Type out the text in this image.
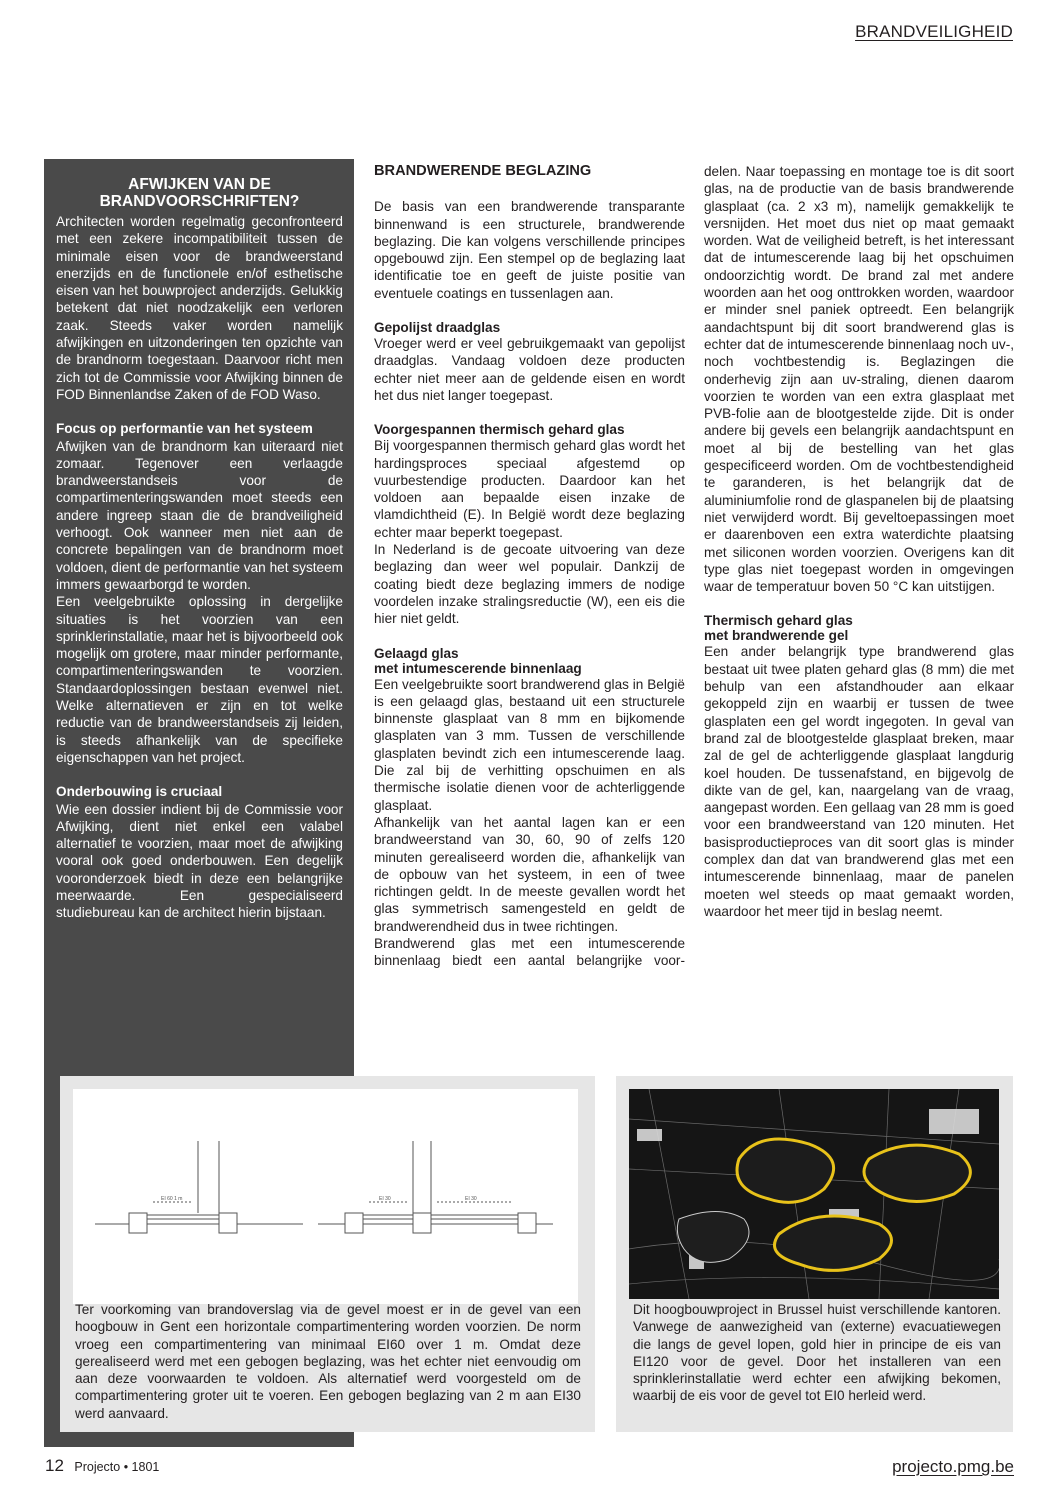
BRANDVEILIGHEID
AFWIJKEN VAN DE
BRANDVOORSCHRIFTEN?

Architecten worden regelmatig geconfronteerd met een zekere incompatibiliteit tussen de minimale eisen voor de brandweerstand enerzijds en de functionele en/of esthetische eisen van het bouwproject anderzijds. Gelukkig betekent dat niet noodzakelijk een verloren zaak. Steeds vaker worden namelijk afwijkingen en uitzonderingen ten opzichte van de brandnorm toegestaan. Daarvoor richt men zich tot de Commissie voor Afwijking binnen de FOD Binnenlandse Zaken of de FOD Waso.

Focus op performantie van het systeem

Afwijken van de brandnorm kan uiteraard niet zomaar. Tegenover een verlaagde brandweerstandseis voor de compartimenteringswanden moet steeds een andere ingreep staan die de brandveiligheid verhoogt. Ook wanneer men niet aan de concrete bepalingen van de brandnorm moet voldoen, dient de performantie van het systeem immers gewaarborgd te worden.

Een veelgebruikte oplossing in dergelijke situaties is het voorzien van een sprinklerinstallatie, maar het is bijvoorbeeld ook mogelijk om grotere, maar minder performante, compartimenteringswanden te voorzien. Standaardoplossingen bestaan evenwel niet. Welke alternatieven er zijn en tot welke reductie van de brandweerstandseis zij leiden, is steeds afhankelijk van de specifieke eigenschappen van het project.

Onderbouwing is cruciaal

Wie een dossier indient bij de Commissie voor Afwijking, dient niet enkel een valabel alternatief te voorzien, maar moet de afwijking vooral ook goed onderbouwen. Een degelijk vooronderzoek biedt in deze een belangrijke meerwaarde. Een gespecialiseerd studiebureau kan de architect hierin bijstaan.

BRANDWERENDE BEGLAZING

De basis van een brandwerende transparante binnenwand is een structurele, brandwerende beglazing. Die kan volgens verschillende principes opgebouwd zijn. Een stempel op de beglazing laat identificatie toe en geeft de juiste positie van eventuele coatings en tussenlagen aan.

Gepolijst draadglas

Vroeger werd er veel gebruikgemaakt van gepolijst draadglas. Vandaag voldoen deze producten echter niet meer aan de geldende eisen en wordt het dus niet langer toegepast.

Voorgespannen thermisch gehard glas

Bij voorgespannen thermisch gehard glas wordt het hardingsproces speciaal afgestemd op vuurbestendige producten. Daardoor kan het voldoen aan bepaalde eisen inzake de vlamdichtheid (E). In België wordt deze beglazing echter maar beperkt toegepast.

In Nederland is de gecoate uitvoering van deze beglazing dan weer wel populair. Dankzij de coating biedt deze beglazing immers de nodige voordelen inzake stralingsreductie (W), een eis die hier niet geldt.

Gelaagd glas
met intumescerende binnenlaag

Een veelgebruikte soort brandwerend glas in België is een gelaagd glas, bestaand uit een structurele binnenste glasplaat van 8 mm en bijkomende glasplaten van 3 mm. Tussen de verschillende glasplaten bevindt zich een intumescerende laag. Die zal bij de verhitting opschuimen en als thermische isolatie dienen voor de achterliggende glasplaat.

Afhankelijk van het aantal lagen kan er een brandweerstand van 30, 60, 90 of zelfs 120 minuten gerealiseerd worden die, afhankelijk van de opbouw van het systeem, in een of twee richtingen geldt. In de meeste gevallen wordt het glas symmetrisch samengesteld en geldt de brandwerendheid dus in twee richtingen.

Brandwerend glas met een intumescerende binnenlaag biedt een aantal belangrijke voor-

delen. Naar toepassing en montage toe is dit soort glas, na de productie van de basis brandwerende glasplaat (ca. 2 x3 m), namelijk gemakkelijk te versnijden. Het moet dus niet op maat gemaakt worden. Wat de veiligheid betreft, is het interessant dat de intumescerende laag bij het opschuimen ondoorzichtig wordt. De brand zal met andere woorden aan het oog onttrokken worden, waardoor er minder snel paniek optreedt. Een belangrijk aandachtspunt bij dit soort brandwerend glas is echter dat de intumescerende binnenlaag noch uv-, noch vochtbestendig is. Beglazingen die onderhevig zijn aan uv-straling, dienen daarom voorzien te worden van een extra glasplaat met PVB-folie aan de blootgestelde zijde. Dit is onder andere bij gevels een belangrijk aandachtspunt en moet al bij de bestelling van het glas gespecificeerd worden. Om de vochtbestendigheid te garanderen, is het belangrijk dat de aluminiumfolie rond de glaspanelen bij de plaatsing niet verwijderd wordt. Bij geveltoepassingen moet er daarenboven een extra waterdichte plaatsing met siliconen worden voorzien. Overigens kan dit type glas niet toegepast worden in omgevingen waar de temperatuur boven 50 °C kan uitstijgen.

Thermisch gehard glas
met brandwerende gel

Een ander belangrijk type brandwerend glas bestaat uit twee platen gehard glas (8 mm) die met behulp van een afstandhouder aan elkaar gekoppeld zijn en waarbij er tussen de twee glasplaten een gel wordt ingegoten. In geval van brand zal de blootgestelde glasplaat breken, maar zal de gel de achterliggende glasplaat langdurig koel houden. De tussenafstand, en bijgevolg de dikte van de gel, kan, naargelang van de vraag, aangepast worden. Een gellaag van 28 mm is goed voor een brandweerstand van 120 minuten. Het basisproductieproces van dit soort glas is minder complex dan dat van brandwerend glas met een intumescerende binnenlaag, maar de panelen moeten wel steeds op maat gemaakt worden, waardoor het meer tijd in beslag neemt.

EI 60 1 m	EI 30	EI 30
Ter voorkoming van brandoverslag via de gevel moest er in de gevel van een hoogbouw in Gent een horizontale compartimentering worden voorzien. De norm vroeg een compartimentering van minimaal EI60 over 1 m. Omdat deze gerealiseerd werd met een gebogen beglazing, was het echter niet eenvoudig om aan deze voorwaarden te voldoen. Als alternatief werd voorgesteld om de compartimentering groter uit te voeren. Een gebogen beglazing van 2 m aan EI30 werd aanvaard.
Dit hoogbouwproject in Brussel huist verschillende kantoren. Vanwege de aanwezigheid van (externe) evacuatiewegen die langs de gevel lopen, gold hier in principe de eis van EI120 voor de gevel. Door het installeren van een sprinklerinstallatie werd echter een afwijking bekomen, waarbij de eis voor de gevel tot EI0 herleid werd.
12 Projecto • 1801	projecto.pmg.be
